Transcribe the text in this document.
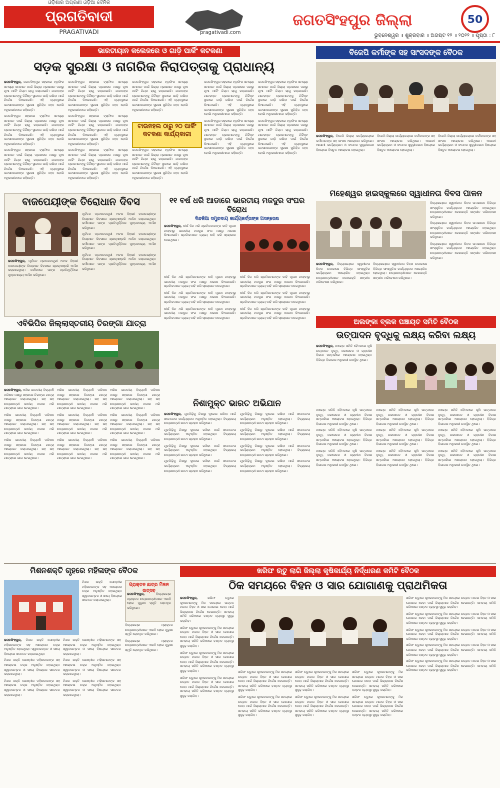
ଓଡ଼ିଶାର ଅଗ୍ରଣୀ ଓଡ଼ିଆ ଦୈନିକ
ପ୍ରଗତିବାଦୀ
PRAGATIVADI	pragativadi.com
ଜଗତସିଂହପୁର ଜିଲ୍ଲା	50
ଭୁବନେଶ୍ୱର ॥ ଶୁକ୍ରବାର ॥ ଅଗଷ୍ଟ ୧୨ ॥ ୨୦୨୨ ॥ ପୃଷ୍ଠା : ୮
ଭାରତୀୟାନ କଲେଜରେ ଓ ଗାଡ଼ି ପାର୍କିଂ କଟକଣା
ସଡ଼କ ସୁରକ୍ଷା ଓ ନାଗରିକ ନିରାପତ୍ତାକୁ ପ୍ରାଧାନ୍ୟ

ଜଗତସିଂହପୁର, ଜଗତସିଂହପୁର ସହରରେ ଟ୍ରାଫିକ ସମସ୍ୟା ସମାଧାନ ପାଇଁ ଜିଲ୍ଲା ପ୍ରଶାସନ ପକ୍ଷରୁ ନୂଆ ପାର୍କିଂ ନିୟମ ଲାଗୁ କରାଯାଇଛି। ଯାନବାହନ ଚାଳକମାନଙ୍କୁ ନିର୍ଦ୍ଦିଷ୍ଟ ସ୍ଥାନରେ ଗାଡ଼ି ରଖିବା ପାଇଁ ନିର୍ଦ୍ଦେଶ ଦିଆଯାଇଛି। ଏହି ବ୍ୟବସ୍ଥାରେ ଜନସାଧାରଣଙ୍କ ସୁରକ୍ଷା ସୁନିଶ୍ଚିତ ହେବ ବୋଲି ଅଧିକାରୀମାନେ କହିଛନ୍ତି।

ଜଗତସିଂହପୁର ସହରରେ ଟ୍ରାଫିକ ସମସ୍ୟା ସମାଧାନ ପାଇଁ ଜିଲ୍ଲା ପ୍ରଶାସନ ପକ୍ଷରୁ ନୂଆ ପାର୍କିଂ ନିୟମ ଲାଗୁ କରାଯାଇଛି। ଯାନବାହନ ଚାଳକମାନଙ୍କୁ ନିର୍ଦ୍ଦିଷ୍ଟ ସ୍ଥାନରେ ଗାଡ଼ି ରଖିବା ପାଇଁ ନିର୍ଦ୍ଦେଶ ଦିଆଯାଇଛି। ଏହି ବ୍ୟବସ୍ଥାରେ ଜନସାଧାରଣଙ୍କ ସୁରକ୍ଷା ସୁନିଶ୍ଚିତ ହେବ ବୋଲି ଅଧିକାରୀମାନେ କହିଛନ୍ତି।

ଜଗତସିଂହପୁର ସହରରେ ଟ୍ରାଫିକ ସମସ୍ୟା ସମାଧାନ ପାଇଁ ଜିଲ୍ଲା ପ୍ରଶାସନ ପକ୍ଷରୁ ନୂଆ ପାର୍କିଂ ନିୟମ ଲାଗୁ କରାଯାଇଛି। ଯାନବାହନ ଚାଳକମାନଙ୍କୁ ନିର୍ଦ୍ଦିଷ୍ଟ ସ୍ଥାନରେ ଗାଡ଼ି ରଖିବା ପାଇଁ ନିର୍ଦ୍ଦେଶ ଦିଆଯାଇଛି। ଏହି ବ୍ୟବସ୍ଥାରେ ଜନସାଧାରଣଙ୍କ ସୁରକ୍ଷା ସୁନିଶ୍ଚିତ ହେବ ବୋଲି ଅଧିକାରୀମାନେ କହିଛନ୍ତି।

ଜଗତସିଂହପୁର ସହରରେ ଟ୍ରାଫିକ ସମସ୍ୟା ସମାଧାନ ପାଇଁ ଜିଲ୍ଲା ପ୍ରଶାସନ ପକ୍ଷରୁ ନୂଆ ପାର୍କିଂ ନିୟମ ଲାଗୁ କରାଯାଇଛି। ଯାନବାହନ ଚାଳକମାନଙ୍କୁ ନିର୍ଦ୍ଦିଷ୍ଟ ସ୍ଥାନରେ ଗାଡ଼ି ରଖିବା ପାଇଁ ନିର୍ଦ୍ଦେଶ ଦିଆଯାଇଛି। ଏହି ବ୍ୟବସ୍ଥାରେ ଜନସାଧାରଣଙ୍କ ସୁରକ୍ଷା ସୁନିଶ୍ଚିତ ହେବ ବୋଲି ଅଧିକାରୀମାନେ କହିଛନ୍ତି।

ଜଗତସିଂହପୁର ସହରରେ ଟ୍ରାଫିକ ସମସ୍ୟା ସମାଧାନ ପାଇଁ ଜିଲ୍ଲା ପ୍ରଶାସନ ପକ୍ଷରୁ ନୂଆ ପାର୍କିଂ ନିୟମ ଲାଗୁ କରାଯାଇଛି। ଯାନବାହନ ଚାଳକମାନଙ୍କୁ ନିର୍ଦ୍ଦିଷ୍ଟ ସ୍ଥାନରେ ଗାଡ଼ି ରଖିବା ପାଇଁ ନିର୍ଦ୍ଦେଶ ଦିଆଯାଇଛି। ଏହି ବ୍ୟବସ୍ଥାରେ ଜନସାଧାରଣଙ୍କ ସୁରକ୍ଷା ସୁନିଶ୍ଚିତ ହେବ ବୋଲି ଅଧିକାରୀମାନେ କହିଛନ୍ତି।

ଜଗତସିଂହପୁର ସହରରେ ଟ୍ରାଫିକ ସମସ୍ୟା ସମାଧାନ ପାଇଁ ଜିଲ୍ଲା ପ୍ରଶାସନ ପକ୍ଷରୁ ନୂଆ ପାର୍କିଂ ନିୟମ ଲାଗୁ କରାଯାଇଛି। ଯାନବାହନ ଚାଳକମାନଙ୍କୁ ନିର୍ଦ୍ଦିଷ୍ଟ ସ୍ଥାନରେ ଗାଡ଼ି ରଖିବା ପାଇଁ ନିର୍ଦ୍ଦେଶ ଦିଆଯାଇଛି। ଏହି ବ୍ୟବସ୍ଥାରେ ଜନସାଧାରଣଙ୍କ ସୁରକ୍ଷା ସୁନିଶ୍ଚିତ ହେବ ବୋଲି ଅଧିକାରୀମାନେ କହିଛନ୍ତି।

ଜଗତସିଂହପୁର ସହରରେ ଟ୍ରାଫିକ ସମସ୍ୟା ସମାଧାନ ପାଇଁ ଜିଲ୍ଲା ପ୍ରଶାସନ ପକ୍ଷରୁ ନୂଆ ପାର୍କିଂ ନିୟମ ଲାଗୁ କରାଯାଇଛି। ଯାନବାହନ ଚାଳକମାନଙ୍କୁ ନିର୍ଦ୍ଦିଷ୍ଟ ସ୍ଥାନରେ ଗାଡ଼ି ରଖିବା ପାଇଁ ନିର୍ଦ୍ଦେଶ ଦିଆଯାଇଛି। ଏହି ବ୍ୟବସ୍ଥାରେ ଜନସାଧାରଣଙ୍କ ସୁରକ୍ଷା ସୁନିଶ୍ଚିତ ହେବ ବୋଲି ଅଧିକାରୀମାନେ କହିଛନ୍ତି।

ଟାଉନହଲ ଠାରୁ ୨୦ ପାର୍କିଂ କଟକଣା କାର୍ଯ୍ୟକାରୀ

ଜଗତସିଂହପୁର ସହରରେ ଟ୍ରାଫିକ ସମସ୍ୟା ସମାଧାନ ପାଇଁ ଜିଲ୍ଲା ପ୍ରଶାସନ ପକ୍ଷରୁ ନୂଆ ପାର୍କିଂ ନିୟମ ଲାଗୁ କରାଯାଇଛି। ଯାନବାହନ ଚାଳକମାନଙ୍କୁ ନିର୍ଦ୍ଦିଷ୍ଟ ସ୍ଥାନରେ ଗାଡ଼ି ରଖିବା ପାଇଁ ନିର୍ଦ୍ଦେଶ ଦିଆଯାଇଛି। ଏହି ବ୍ୟବସ୍ଥାରେ ଜନସାଧାରଣଙ୍କ ସୁରକ୍ଷା ସୁନିଶ୍ଚିତ ହେବ ବୋଲି ଅଧିକାରୀମାନେ କହିଛନ୍ତି।

ଜଗତସିଂହପୁର ସହରରେ ଟ୍ରାଫିକ ସମସ୍ୟା ସମାଧାନ ପାଇଁ ଜିଲ୍ଲା ପ୍ରଶାସନ ପକ୍ଷରୁ ନୂଆ ପାର୍କିଂ ନିୟମ ଲାଗୁ କରାଯାଇଛି। ଯାନବାହନ ଚାଳକମାନଙ୍କୁ ନିର୍ଦ୍ଦିଷ୍ଟ ସ୍ଥାନରେ ଗାଡ଼ି ରଖିବା ପାଇଁ ନିର୍ଦ୍ଦେଶ ଦିଆଯାଇଛି। ଏହି ବ୍ୟବସ୍ଥାରେ ଜନସାଧାରଣଙ୍କ ସୁରକ୍ଷା ସୁନିଶ୍ଚିତ ହେବ ବୋଲି ଅଧିକାରୀମାନେ କହିଛନ୍ତି।

ଜଗତସିଂହପୁର ସହରରେ ଟ୍ରାଫିକ ସମସ୍ୟା ସମାଧାନ ପାଇଁ ଜିଲ୍ଲା ପ୍ରଶାସନ ପକ୍ଷରୁ ନୂଆ ପାର୍କିଂ ନିୟମ ଲାଗୁ କରାଯାଇଛି। ଯାନବାହନ ଚାଳକମାନଙ୍କୁ ନିର୍ଦ୍ଦିଷ୍ଟ ସ୍ଥାନରେ ଗାଡ଼ି ରଖିବା ପାଇଁ ନିର୍ଦ୍ଦେଶ ଦିଆଯାଇଛି। ଏହି ବ୍ୟବସ୍ଥାରେ ଜନସାଧାରଣଙ୍କ ସୁରକ୍ଷା ସୁନିଶ୍ଚିତ ହେବ ବୋଲି ଅଧିକାରୀମାନେ କହିଛନ୍ତି।

ଜଗତସିଂହପୁର ସହରରେ ଟ୍ରାଫିକ ସମସ୍ୟା ସମାଧାନ ପାଇଁ ଜିଲ୍ଲା ପ୍ରଶାସନ ପକ୍ଷରୁ ନୂଆ ପାର୍କିଂ ନିୟମ ଲାଗୁ କରାଯାଇଛି। ଯାନବାହନ ଚାଳକମାନଙ୍କୁ ନିର୍ଦ୍ଦିଷ୍ଟ ସ୍ଥାନରେ ଗାଡ଼ି ରଖିବା ପାଇଁ ନିର୍ଦ୍ଦେଶ ଦିଆଯାଇଛି। ଏହି ବ୍ୟବସ୍ଥାରେ ଜନସାଧାରଣଙ୍କ ସୁରକ୍ଷା ସୁନିଶ୍ଚିତ ହେବ ବୋଲି ଅଧିକାରୀମାନେ କହିଛନ୍ତି।

ଜଗତସିଂହପୁର ସହରରେ ଟ୍ରାଫିକ ସମସ୍ୟା ସମାଧାନ ପାଇଁ ଜିଲ୍ଲା ପ୍ରଶାସନ ପକ୍ଷରୁ ନୂଆ ପାର୍କିଂ ନିୟମ ଲାଗୁ କରାଯାଇଛି। ଯାନବାହନ ଚାଳକମାନଙ୍କୁ ନିର୍ଦ୍ଦିଷ୍ଟ ସ୍ଥାନରେ ଗାଡ଼ି ରଖିବା ପାଇଁ ନିର୍ଦ୍ଦେଶ ଦିଆଯାଇଛି। ଏହି ବ୍ୟବସ୍ଥାରେ ଜନସାଧାରଣଙ୍କ ସୁରକ୍ଷା ସୁନିଶ୍ଚିତ ହେବ ବୋଲି ଅଧିକାରୀମାନେ କହିଛନ୍ତି।

ବିଜେପି କର୍ମୀଙ୍କ ସହ ସାଂସଦଙ୍କ ବୈଠକ

ଜଗତସିଂହପୁର, ବିଜେପି ଜିଲ୍ଲା କାର୍ଯ୍ୟାଳୟରେ କର୍ମୀମାନଙ୍କ ସହ ସାଂସଦ ଆଲୋଚନା କରିଥିଲେ। ଆଗାମୀ କାର୍ଯ୍ୟକ୍ରମ ଓ ସଂଗଠନ ସୁଦୃଢ଼ୀକରଣ ବିଷୟରେ ବିସ୍ତୃତ ଆଲୋଚନା ହୋଇଥିଲା।

ବିଜେପି ଜିଲ୍ଲା କାର୍ଯ୍ୟାଳୟରେ କର୍ମୀମାନଙ୍କ ସହ ସାଂସଦ ଆଲୋଚନା କରିଥିଲେ। ଆଗାମୀ କାର୍ଯ୍ୟକ୍ରମ ଓ ସଂଗଠନ ସୁଦୃଢ଼ୀକରଣ ବିଷୟରେ ବିସ୍ତୃତ ଆଲୋଚନା ହୋଇଥିଲା।

ବିଜେପି ଜିଲ୍ଲା କାର୍ଯ୍ୟାଳୟରେ କର୍ମୀମାନଙ୍କ ସହ ସାଂସଦ ଆଲୋଚନା କରିଥିଲେ। ଆଗାମୀ କାର୍ଯ୍ୟକ୍ରମ ଓ ସଂଗଠନ ସୁଦୃଢ଼ୀକରଣ ବିଷୟରେ ବିସ୍ତୃତ ଆଲୋଚନା ହୋଇଥିଲା।

ମହେଶ୍ୱର ହାଇସ୍କୁଲରେ ସ୍ୱାଧୀନତା ଦିବସ ପାଳନ

ବିଦ୍ୟାଳୟରେ ସ୍ୱାଧୀନତା ଦିବସ ଉପଲକ୍ଷେ ବିଭିନ୍ନ ସାଂସ୍କୃତିକ କାର୍ଯ୍ୟକ୍ରମ ଆୟୋଜିତ ହୋଇଥିଲା। ଛାତ୍ରଛାତ୍ରୀମାନେ ଦେଶଭକ୍ତି ସଙ୍ଗୀତ ପରିବେଷଣ କରିଥିଲେ।

ବିଦ୍ୟାଳୟରେ ସ୍ୱାଧୀନତା ଦିବସ ଉପଲକ୍ଷେ ବିଭିନ୍ନ ସାଂସ୍କୃତିକ କାର୍ଯ୍ୟକ୍ରମ ଆୟୋଜିତ ହୋଇଥିଲା। ଛାତ୍ରଛାତ୍ରୀମାନେ ଦେଶଭକ୍ତି ସଙ୍ଗୀତ ପରିବେଷଣ କରିଥିଲେ।

ବିଦ୍ୟାଳୟରେ ସ୍ୱାଧୀନତା ଦିବସ ଉପଲକ୍ଷେ ବିଭିନ୍ନ ସାଂସ୍କୃତିକ କାର୍ଯ୍ୟକ୍ରମ ଆୟୋଜିତ ହୋଇଥିଲା। ଛାତ୍ରଛାତ୍ରୀମାନେ ଦେଶଭକ୍ତି ସଙ୍ଗୀତ ପରିବେଷଣ କରିଥିଲେ।

ଜଗତସିଂହପୁର, ବିଦ୍ୟାଳୟରେ ସ୍ୱାଧୀନତା ଦିବସ ଉପଲକ୍ଷେ ବିଭିନ୍ନ ସାଂସ୍କୃତିକ କାର୍ଯ୍ୟକ୍ରମ ଆୟୋଜିତ ହୋଇଥିଲା। ଛାତ୍ରଛାତ୍ରୀମାନେ ଦେଶଭକ୍ତି ସଙ୍ଗୀତ ପରିବେଷଣ କରିଥିଲେ।

ବିଦ୍ୟାଳୟରେ ସ୍ୱାଧୀନତା ଦିବସ ଉପଲକ୍ଷେ ବିଭିନ୍ନ ସାଂସ୍କୃତିକ କାର୍ଯ୍ୟକ୍ରମ ଆୟୋଜିତ ହୋଇଥିଲା। ଛାତ୍ରଛାତ୍ରୀମାନେ ଦେଶଭକ୍ତି ସଙ୍ଗୀତ ପରିବେଷଣ କରିଥିଲେ।

ବାଜପେୟୀଙ୍କ ତିରୋଧାନ ଦିବସ

ପୂର୍ବତନ ପ୍ରଧାନମନ୍ତ୍ରୀ ଅଟଳ ବିହାରୀ ବାଜପେୟୀଙ୍କ ତିରୋଧାନ ଦିବସରେ ଶ୍ରଦ୍ଧାଞ୍ଜଳି ଅର୍ପଣ କରାଯାଇଥିଲା। କର୍ମୀମାନେ ତାଙ୍କ ପ୍ରତିମୂର୍ତ୍ତିରେ ପୁଷ୍ପମାଲ୍ୟ ଅର୍ପଣ କରିଥିଲେ।

ପୂର୍ବତନ ପ୍ରଧାନମନ୍ତ୍ରୀ ଅଟଳ ବିହାରୀ ବାଜପେୟୀଙ୍କ ତିରୋଧାନ ଦିବସରେ ଶ୍ରଦ୍ଧାଞ୍ଜଳି ଅର୍ପଣ କରାଯାଇଥିଲା। କର୍ମୀମାନେ ତାଙ୍କ ପ୍ରତିମୂର୍ତ୍ତିରେ ପୁଷ୍ପମାଲ୍ୟ ଅର୍ପଣ କରିଥିଲେ।

ପୂର୍ବତନ ପ୍ରଧାନମନ୍ତ୍ରୀ ଅଟଳ ବିହାରୀ ବାଜପେୟୀଙ୍କ ତିରୋଧାନ ଦିବସରେ ଶ୍ରଦ୍ଧାଞ୍ଜଳି ଅର୍ପଣ କରାଯାଇଥିଲା। କର୍ମୀମାନେ ତାଙ୍କ ପ୍ରତିମୂର୍ତ୍ତିରେ ପୁଷ୍ପମାଲ୍ୟ ଅର୍ପଣ କରିଥିଲେ।

ଜଗତସିଂହପୁର, ପୂର୍ବତନ ପ୍ରଧାନମନ୍ତ୍ରୀ ଅଟଳ ବିହାରୀ ବାଜପେୟୀଙ୍କ ତିରୋଧାନ ଦିବସରେ ଶ୍ରଦ୍ଧାଞ୍ଜଳି ଅର୍ପଣ କରାଯାଇଥିଲା। କର୍ମୀମାନେ ତାଙ୍କ ପ୍ରତିମୂର୍ତ୍ତିରେ ପୁଷ୍ପମାଲ୍ୟ ଅର୍ପଣ କରିଥିଲେ।

୧୧ ବର୍ଷ ଧରି ଆଡାରେ ଭାରତୀୟ ମଜଦୁର ସଂଘର ବିରୋଧ
ଦିନ୍ଦକିଆ ସମ୍ପ୍ରଦାୟ କାର୍ଯ୍ୟକର୍ତ୍ତାଙ୍କ ଅସନ୍ତୋଷ

ଜଗତସିଂହପୁର, ଦୀର୍ଘ ଦିନ ଧରି ଶ୍ରମିକମାନଙ୍କ ଦାବି ପୂରଣ ନହେବାରୁ ଭାରତୀୟ ମଜଦୁର ସଂଘ ପକ୍ଷରୁ ଧାରଣା ଦିଆଯାଇଛି। ଶ୍ରମିକମାନେ ନ୍ୟାୟ ଦାବି କରି ସ୍ଲୋଗାନ ଦେଇଥିଲେ।

ଦୀର୍ଘ ଦିନ ଧରି ଶ୍ରମିକମାନଙ୍କ ଦାବି ପୂରଣ ନହେବାରୁ ଭାରତୀୟ ମଜଦୁର ସଂଘ ପକ୍ଷରୁ ଧାରଣା ଦିଆଯାଇଛି। ଶ୍ରମିକମାନେ ନ୍ୟାୟ ଦାବି କରି ସ୍ଲୋଗାନ ଦେଇଥିଲେ।

ଦୀର୍ଘ ଦିନ ଧରି ଶ୍ରମିକମାନଙ୍କ ଦାବି ପୂରଣ ନହେବାରୁ ଭାରତୀୟ ମଜଦୁର ସଂଘ ପକ୍ଷରୁ ଧାରଣା ଦିଆଯାଇଛି। ଶ୍ରମିକମାନେ ନ୍ୟାୟ ଦାବି କରି ସ୍ଲୋଗାନ ଦେଇଥିଲେ।

ଦୀର୍ଘ ଦିନ ଧରି ଶ୍ରମିକମାନଙ୍କ ଦାବି ପୂରଣ ନହେବାରୁ ଭାରତୀୟ ମଜଦୁର ସଂଘ ପକ୍ଷରୁ ଧାରଣା ଦିଆଯାଇଛି। ଶ୍ରମିକମାନେ ନ୍ୟାୟ ଦାବି କରି ସ୍ଲୋଗାନ ଦେଇଥିଲେ।

ଦୀର୍ଘ ଦିନ ଧରି ଶ୍ରମିକମାନଙ୍କ ଦାବି ପୂରଣ ନହେବାରୁ ଭାରତୀୟ ମଜଦୁର ସଂଘ ପକ୍ଷରୁ ଧାରଣା ଦିଆଯାଇଛି। ଶ୍ରମିକମାନେ ନ୍ୟାୟ ଦାବି କରି ସ୍ଲୋଗାନ ଦେଇଥିଲେ।

ଦୀର୍ଘ ଦିନ ଧରି ଶ୍ରମିକମାନଙ୍କ ଦାବି ପୂରଣ ନହେବାରୁ ଭାରତୀୟ ମଜଦୁର ସଂଘ ପକ୍ଷରୁ ଧାରଣା ଦିଆଯାଇଛି। ଶ୍ରମିକମାନେ ନ୍ୟାୟ ଦାବି କରି ସ୍ଲୋଗାନ ଦେଇଥିଲେ।

ଦୀର୍ଘ ଦିନ ଧରି ଶ୍ରମିକମାନଙ୍କ ଦାବି ପୂରଣ ନହେବାରୁ ଭାରତୀୟ ମଜଦୁର ସଂଘ ପକ୍ଷରୁ ଧାରଣା ଦିଆଯାଇଛି। ଶ୍ରମିକମାନେ ନ୍ୟାୟ ଦାବି କରି ସ୍ଲୋଗାନ ଦେଇଥିଲେ।

ଅଲଙ୍କା ବ୍ଲକ ପଞ୍ଚାୟତ ସମିତି ବୈଠକ
ଉତ୍ପାଦନ ବୃଦ୍ଧିକୁ ଲକ୍ଷ୍ୟ କରିବା ଲକ୍ଷ୍ୟ

ଜଗତସିଂହପୁର, ପଞ୍ଚାୟତ ସମିତି ବୈଠକରେ କୃଷି ଉତ୍ପାଦନ ବୃଦ୍ଧି, ଜଳସେଚନ ଓ ଗ୍ରାମୀଣ ବିକାଶ ସମ୍ପର୍କରେ ଆଲୋଚନା ହୋଇଥିଲା। ବିଭିନ୍ନ ବିଭାଗର ଅଧିକାରୀ ଉପସ୍ଥିତ ଥିଲେ।

ପଞ୍ଚାୟତ ସମିତି ବୈଠକରେ କୃଷି ଉତ୍ପାଦନ ବୃଦ୍ଧି, ଜଳସେଚନ ଓ ଗ୍ରାମୀଣ ବିକାଶ ସମ୍ପର୍କରେ ଆଲୋଚନା ହୋଇଥିଲା। ବିଭିନ୍ନ ବିଭାଗର ଅଧିକାରୀ ଉପସ୍ଥିତ ଥିଲେ।

ପଞ୍ଚାୟତ ସମିତି ବୈଠକରେ କୃଷି ଉତ୍ପାଦନ ବୃଦ୍ଧି, ଜଳସେଚନ ଓ ଗ୍ରାମୀଣ ବିକାଶ ସମ୍ପର୍କରେ ଆଲୋଚନା ହୋଇଥିଲା। ବିଭିନ୍ନ ବିଭାଗର ଅଧିକାରୀ ଉପସ୍ଥିତ ଥିଲେ।

ପଞ୍ଚାୟତ ସମିତି ବୈଠକରେ କୃଷି ଉତ୍ପାଦନ ବୃଦ୍ଧି, ଜଳସେଚନ ଓ ଗ୍ରାମୀଣ ବିକାଶ ସମ୍ପର୍କରେ ଆଲୋଚନା ହୋଇଥିଲା। ବିଭିନ୍ନ ବିଭାଗର ଅଧିକାରୀ ଉପସ୍ଥିତ ଥିଲେ।

ପଞ୍ଚାୟତ ସମିତି ବୈଠକରେ କୃଷି ଉତ୍ପାଦନ ବୃଦ୍ଧି, ଜଳସେଚନ ଓ ଗ୍ରାମୀଣ ବିକାଶ ସମ୍ପର୍କରେ ଆଲୋଚନା ହୋଇଥିଲା। ବିଭିନ୍ନ ବିଭାଗର ଅଧିକାରୀ ଉପସ୍ଥିତ ଥିଲେ।

ପଞ୍ଚାୟତ ସମିତି ବୈଠକରେ କୃଷି ଉତ୍ପାଦନ ବୃଦ୍ଧି, ଜଳସେଚନ ଓ ଗ୍ରାମୀଣ ବିକାଶ ସମ୍ପର୍କରେ ଆଲୋଚନା ହୋଇଥିଲା। ବିଭିନ୍ନ ବିଭାଗର ଅଧିକାରୀ ଉପସ୍ଥିତ ଥିଲେ।

ପଞ୍ଚାୟତ ସମିତି ବୈଠକରେ କୃଷି ଉତ୍ପାଦନ ବୃଦ୍ଧି, ଜଳସେଚନ ଓ ଗ୍ରାମୀଣ ବିକାଶ ସମ୍ପର୍କରେ ଆଲୋଚନା ହୋଇଥିଲା। ବିଭିନ୍ନ ବିଭାଗର ଅଧିକାରୀ ଉପସ୍ଥିତ ଥିଲେ।

ପଞ୍ଚାୟତ ସମିତି ବୈଠକରେ କୃଷି ଉତ୍ପାଦନ ବୃଦ୍ଧି, ଜଳସେଚନ ଓ ଗ୍ରାମୀଣ ବିକାଶ ସମ୍ପର୍କରେ ଆଲୋଚନା ହୋଇଥିଲା। ବିଭିନ୍ନ ବିଭାଗର ଅଧିକାରୀ ଉପସ୍ଥିତ ଥିଲେ।

ପଞ୍ଚାୟତ ସମିତି ବୈଠକରେ କୃଷି ଉତ୍ପାଦନ ବୃଦ୍ଧି, ଜଳସେଚନ ଓ ଗ୍ରାମୀଣ ବିକାଶ ସମ୍ପର୍କରେ ଆଲୋଚନା ହୋଇଥିଲା। ବିଭିନ୍ନ ବିଭାଗର ଅଧିକାରୀ ଉପସ୍ଥିତ ଥିଲେ।

ପଞ୍ଚାୟତ ସମିତି ବୈଠକରେ କୃଷି ଉତ୍ପାଦନ ବୃଦ୍ଧି, ଜଳସେଚନ ଓ ଗ୍ରାମୀଣ ବିକାଶ ସମ୍ପର୍କରେ ଆଲୋଚନା ହୋଇଥିଲା। ବିଭିନ୍ନ ବିଭାଗର ଅଧିକାରୀ ଉପସ୍ଥିତ ଥିଲେ।

ଏବିଭିପିର ଜିଲ୍ଲାସ୍ତରୀୟ ତିରଙ୍ଗା ଯାତ୍ରା

ଜଗତସିଂହପୁର, ଅଖିଳ ଭାରତୀୟ ବିଦ୍ୟାର୍ଥୀ ପରିଷଦ ପକ୍ଷରୁ ସହରରେ ତିରଙ୍ଗା ଯାତ୍ରା ଆୟୋଜନ କରାଯାଇଥିଲା। ଶହ ଶହ ଛାତ୍ରଛାତ୍ରୀ ଜାତୀୟ ପତାକା ଧରି ଯାତ୍ରାରେ ଭାଗ ନେଇଥିଲେ।

ଅଖିଳ ଭାରତୀୟ ବିଦ୍ୟାର୍ଥୀ ପରିଷଦ ପକ୍ଷରୁ ସହରରେ ତିରଙ୍ଗା ଯାତ୍ରା ଆୟୋଜନ କରାଯାଇଥିଲା। ଶହ ଶହ ଛାତ୍ରଛାତ୍ରୀ ଜାତୀୟ ପତାକା ଧରି ଯାତ୍ରାରେ ଭାଗ ନେଇଥିଲେ।

ଅଖିଳ ଭାରତୀୟ ବିଦ୍ୟାର୍ଥୀ ପରିଷଦ ପକ୍ଷରୁ ସହରରେ ତିରଙ୍ଗା ଯାତ୍ରା ଆୟୋଜନ କରାଯାଇଥିଲା। ଶହ ଶହ ଛାତ୍ରଛାତ୍ରୀ ଜାତୀୟ ପତାକା ଧରି ଯାତ୍ରାରେ ଭାଗ ନେଇଥିଲେ।

ଅଖିଳ ଭାରତୀୟ ବିଦ୍ୟାର୍ଥୀ ପରିଷଦ ପକ୍ଷରୁ ସହରରେ ତିରଙ୍ଗା ଯାତ୍ରା ଆୟୋଜନ କରାଯାଇଥିଲା। ଶହ ଶହ ଛାତ୍ରଛାତ୍ରୀ ଜାତୀୟ ପତାକା ଧରି ଯାତ୍ରାରେ ଭାଗ ନେଇଥିଲେ।

ଅଖିଳ ଭାରତୀୟ ବିଦ୍ୟାର୍ଥୀ ପରିଷଦ ପକ୍ଷରୁ ସହରରେ ତିରଙ୍ଗା ଯାତ୍ରା ଆୟୋଜନ କରାଯାଇଥିଲା। ଶହ ଶହ ଛାତ୍ରଛାତ୍ରୀ ଜାତୀୟ ପତାକା ଧରି ଯାତ୍ରାରେ ଭାଗ ନେଇଥିଲେ।

ଅଖିଳ ଭାରତୀୟ ବିଦ୍ୟାର୍ଥୀ ପରିଷଦ ପକ୍ଷରୁ ସହରରେ ତିରଙ୍ଗା ଯାତ୍ରା ଆୟୋଜନ କରାଯାଇଥିଲା। ଶହ ଶହ ଛାତ୍ରଛାତ୍ରୀ ଜାତୀୟ ପତାକା ଧରି ଯାତ୍ରାରେ ଭାଗ ନେଇଥିଲେ।

ଅଖିଳ ଭାରତୀୟ ବିଦ୍ୟାର୍ଥୀ ପରିଷଦ ପକ୍ଷରୁ ସହରରେ ତିରଙ୍ଗା ଯାତ୍ରା ଆୟୋଜନ କରାଯାଇଥିଲା। ଶହ ଶହ ଛାତ୍ରଛାତ୍ରୀ ଜାତୀୟ ପତାକା ଧରି ଯାତ୍ରାରେ ଭାଗ ନେଇଥିଲେ।

ଅଖିଳ ଭାରତୀୟ ବିଦ୍ୟାର୍ଥୀ ପରିଷଦ ପକ୍ଷରୁ ସହରରେ ତିରଙ୍ଗା ଯାତ୍ରା ଆୟୋଜନ କରାଯାଇଥିଲା। ଶହ ଶହ ଛାତ୍ରଛାତ୍ରୀ ଜାତୀୟ ପତାକା ଧରି ଯାତ୍ରାରେ ଭାଗ ନେଇଥିଲେ।

ଅଖିଳ ଭାରତୀୟ ବିଦ୍ୟାର୍ଥୀ ପରିଷଦ ପକ୍ଷରୁ ସହରରେ ତିରଙ୍ଗା ଯାତ୍ରା ଆୟୋଜନ କରାଯାଇଥିଲା। ଶହ ଶହ ଛାତ୍ରଛାତ୍ରୀ ଜାତୀୟ ପତାକା ଧରି ଯାତ୍ରାରେ ଭାଗ ନେଇଥିଲେ।

ନିଶାମୁକ୍ତ ଭାରତ ଅଭିଯାନ

ଜଗତସିଂହପୁର, ଯୁବପିଢ଼ିକୁ ନିଶାରୁ ଦୂରେଇ ରଖିବା ପାଇଁ ସଚେତନତା କାର୍ଯ୍ୟକ୍ରମ ଅନୁଷ୍ଠିତ ହୋଇଥିଲା। ବିଦ୍ୟାଳୟ ଛାତ୍ରଛାତ୍ରୀ ଶପଥ ଗ୍ରହଣ କରିଥିଲେ।

ଯୁବପିଢ଼ିକୁ ନିଶାରୁ ଦୂରେଇ ରଖିବା ପାଇଁ ସଚେତନତା କାର୍ଯ୍ୟକ୍ରମ ଅନୁଷ୍ଠିତ ହୋଇଥିଲା। ବିଦ୍ୟାଳୟ ଛାତ୍ରଛାତ୍ରୀ ଶପଥ ଗ୍ରହଣ କରିଥିଲେ।

ଯୁବପିଢ଼ିକୁ ନିଶାରୁ ଦୂରେଇ ରଖିବା ପାଇଁ ସଚେତନତା କାର୍ଯ୍ୟକ୍ରମ ଅନୁଷ୍ଠିତ ହୋଇଥିଲା। ବିଦ୍ୟାଳୟ ଛାତ୍ରଛାତ୍ରୀ ଶପଥ ଗ୍ରହଣ କରିଥିଲେ।

ଯୁବପିଢ଼ିକୁ ନିଶାରୁ ଦୂରେଇ ରଖିବା ପାଇଁ ସଚେତନତା କାର୍ଯ୍ୟକ୍ରମ ଅନୁଷ୍ଠିତ ହୋଇଥିଲା। ବିଦ୍ୟାଳୟ ଛାତ୍ରଛାତ୍ରୀ ଶପଥ ଗ୍ରହଣ କରିଥିଲେ।

ଯୁବପିଢ଼ିକୁ ନିଶାରୁ ଦୂରେଇ ରଖିବା ପାଇଁ ସଚେତନତା କାର୍ଯ୍ୟକ୍ରମ ଅନୁଷ୍ଠିତ ହୋଇଥିଲା। ବିଦ୍ୟାଳୟ ଛାତ୍ରଛାତ୍ରୀ ଶପଥ ଗ୍ରହଣ କରିଥିଲେ।

ଯୁବପିଢ଼ିକୁ ନିଶାରୁ ଦୂରେଇ ରଖିବା ପାଇଁ ସଚେତନତା କାର୍ଯ୍ୟକ୍ରମ ଅନୁଷ୍ଠିତ ହୋଇଥିଲା। ବିଦ୍ୟାଳୟ ଛାତ୍ରଛାତ୍ରୀ ଶପଥ ଗ୍ରହଣ କରିଥିଲେ।

ଯୁବପିଢ଼ିକୁ ନିଶାରୁ ଦୂରେଇ ରଖିବା ପାଇଁ ସଚେତନତା କାର୍ଯ୍ୟକ୍ରମ ଅନୁଷ୍ଠିତ ହୋଇଥିଲା। ବିଦ୍ୟାଳୟ ଛାତ୍ରଛାତ୍ରୀ ଶପଥ ଗ୍ରହଣ କରିଥିଲେ।

ଯୁବପିଢ଼ିକୁ ନିଶାରୁ ଦୂରେଇ ରଖିବା ପାଇଁ ସଚେତନତା କାର୍ଯ୍ୟକ୍ରମ ଅନୁଷ୍ଠିତ ହୋଇଥିଲା। ବିଦ୍ୟାଳୟ ଛାତ୍ରଛାତ୍ରୀ ଶପଥ ଗ୍ରହଣ କରିଥିଲେ।

ମିଶନଶକ୍ତି ଗୃହରେ ମହିଳାଙ୍କ ବୈଠକ

ମିଶନ ଶକ୍ତି ଗୋଷ୍ଠୀର ମହିଳାମାନଙ୍କ ସହ ଆଲୋଚନା ଚକ୍ର ଅନୁଷ୍ଠିତ ହୋଇଥିଲା। ସ୍ୱାବଲମ୍ବନ ଓ ସଞ୍ଚୟ ବିଷୟରେ ସଚେତନ କରାଯାଇଥିଲା।

ଜଗତସିଂହପୁର, ମିଶନ ଶକ୍ତି ଗୋଷ୍ଠୀର ମହିଳାମାନଙ୍କ ସହ ଆଲୋଚନା ଚକ୍ର ଅନୁଷ୍ଠିତ ହୋଇଥିଲା। ସ୍ୱାବଲମ୍ବନ ଓ ସଞ୍ଚୟ ବିଷୟରେ ସଚେତନ କରାଯାଇଥିଲା।

ମିଶନ ଶକ୍ତି ଗୋଷ୍ଠୀର ମହିଳାମାନଙ୍କ ସହ ଆଲୋଚନା ଚକ୍ର ଅନୁଷ୍ଠିତ ହୋଇଥିଲା। ସ୍ୱାବଲମ୍ବନ ଓ ସଞ୍ଚୟ ବିଷୟରେ ସଚେତନ କରାଯାଇଥିଲା।

ମିଶନ ଶକ୍ତି ଗୋଷ୍ଠୀର ମହିଳାମାନଙ୍କ ସହ ଆଲୋଚନା ଚକ୍ର ଅନୁଷ୍ଠିତ ହୋଇଥିଲା। ସ୍ୱାବଲମ୍ବନ ଓ ସଞ୍ଚୟ ବିଷୟରେ ସଚେତନ କରାଯାଇଥିଲା।

ମିଶନ ଶକ୍ତି ଗୋଷ୍ଠୀର ମହିଳାମାନଙ୍କ ସହ ଆଲୋଚନା ଚକ୍ର ଅନୁଷ୍ଠିତ ହୋଇଥିଲା। ସ୍ୱାବଲମ୍ବନ ଓ ସଞ୍ଚୟ ବିଷୟରେ ସଚେତନ କରାଯାଇଥିଲା।

ମିଶନ ଶକ୍ତି ଗୋଷ୍ଠୀର ମହିଳାମାନଙ୍କ ସହ ଆଲୋଚନା ଚକ୍ର ଅନୁଷ୍ଠିତ ହୋଇଥିଲା। ସ୍ୱାବଲମ୍ବନ ଓ ସଞ୍ଚୟ ବିଷୟରେ ସଚେତନ କରାଯାଇଥିଲା।

ମିଶନ ଶକ୍ତି ଗୋଷ୍ଠୀର ମହିଳାମାନଙ୍କ ସହ ଆଲୋଚନା ଚକ୍ର ଅନୁଷ୍ଠିତ ହୋଇଥିଲା। ସ୍ୱାବଲମ୍ବନ ଓ ସଞ୍ଚୟ ବିଷୟରେ ସଚେତନ କରାଯାଇଥିଲା।

ପ୍ରାକ୍ତନ ଛାତ୍ର ମିଳନ ଉତ୍ସବ

ଜଗତସିଂହପୁର,	ବିଦ୍ୟାଳୟର ପ୍ରାକ୍ତନ ଛାତ୍ରଛାତ୍ରୀମାନେ ଏକାଠି ହୋଇ ପୁରୁଣା ସ୍ମୃତି ରୋମନ୍ଥନ କରିଥିଲେ।

ବିଦ୍ୟାଳୟର ପ୍ରାକ୍ତନ ଛାତ୍ରଛାତ୍ରୀମାନେ ଏକାଠି ହୋଇ ପୁରୁଣା ସ୍ମୃତି ରୋମନ୍ଥନ କରିଥିଲେ।

ବିଦ୍ୟାଳୟର ପ୍ରାକ୍ତନ ଛାତ୍ରଛାତ୍ରୀମାନେ ଏକାଠି ହୋଇ ପୁରୁଣା ସ୍ମୃତି ରୋମନ୍ଥନ କରିଥିଲେ।

ଖରିଫ ଋତୁ ଲାଗି ଜିଲ୍ଲା କୃଷିକାର୍ଯ୍ୟ ନିର୍ଦ୍ଧାରଣ କମିଟି ବୈଠକ
ଠିକ ସମୟରେ ବିହନ ଓ ସାର ଯୋଗାଣକୁ ପ୍ରାଥମିକତା

ଜଗତସିଂହପୁର,	ଖରିଫ ଋତୁରେ କୃଷକମାନଙ୍କୁ ଠିକ ସମୟରେ ଉନ୍ନତ ମାନର ବିହନ ଓ ସାର ଯୋଗାଇ ଦେବା ପାଇଁ ଜିଲ୍ଲାପାଳ ନିର୍ଦ୍ଦେଶ ଦେଇଛନ୍ତି। ସମବାୟ ସମିତି ଜରିଆରେ ବଣ୍ଟନ ବ୍ୟବସ୍ଥା ସୁଦୃଢ଼ କରାଯିବ।

ଖରିଫ ଋତୁରେ କୃଷକମାନଙ୍କୁ ଠିକ ସମୟରେ ଉନ୍ନତ ମାନର ବିହନ ଓ ସାର ଯୋଗାଇ ଦେବା ପାଇଁ ଜିଲ୍ଲାପାଳ ନିର୍ଦ୍ଦେଶ ଦେଇଛନ୍ତି। ସମବାୟ ସମିତି ଜରିଆରେ ବଣ୍ଟନ ବ୍ୟବସ୍ଥା ସୁଦୃଢ଼ କରାଯିବ।

ଖରିଫ ଋତୁରେ କୃଷକମାନଙ୍କୁ ଠିକ ସମୟରେ ଉନ୍ନତ ମାନର ବିହନ ଓ ସାର ଯୋଗାଇ ଦେବା ପାଇଁ ଜିଲ୍ଲାପାଳ ନିର୍ଦ୍ଦେଶ ଦେଇଛନ୍ତି। ସମବାୟ ସମିତି ଜରିଆରେ ବଣ୍ଟନ ବ୍ୟବସ୍ଥା ସୁଦୃଢ଼ କରାଯିବ।

ଖରିଫ ଋତୁରେ କୃଷକମାନଙ୍କୁ ଠିକ ସମୟରେ ଉନ୍ନତ ମାନର ବିହନ ଓ ସାର ଯୋଗାଇ ଦେବା ପାଇଁ ଜିଲ୍ଲାପାଳ ନିର୍ଦ୍ଦେଶ ଦେଇଛନ୍ତି। ସମବାୟ ସମିତି ଜରିଆରେ ବଣ୍ଟନ ବ୍ୟବସ୍ଥା ସୁଦୃଢ଼ କରାଯିବ।

ଖରିଫ ଋତୁରେ କୃଷକମାନଙ୍କୁ ଠିକ ସମୟରେ ଉନ୍ନତ ମାନର ବିହନ ଓ ସାର ଯୋଗାଇ ଦେବା ପାଇଁ ଜିଲ୍ଲାପାଳ ନିର୍ଦ୍ଦେଶ ଦେଇଛନ୍ତି। ସମବାୟ ସମିତି ଜରିଆରେ ବଣ୍ଟନ ବ୍ୟବସ୍ଥା ସୁଦୃଢ଼ କରାଯିବ।

ଖରିଫ ଋତୁରେ କୃଷକମାନଙ୍କୁ ଠିକ ସମୟରେ ଉନ୍ନତ ମାନର ବିହନ ଓ ସାର ଯୋଗାଇ ଦେବା ପାଇଁ ଜିଲ୍ଲାପାଳ ନିର୍ଦ୍ଦେଶ ଦେଇଛନ୍ତି। ସମବାୟ ସମିତି ଜରିଆରେ ବଣ୍ଟନ ବ୍ୟବସ୍ଥା ସୁଦୃଢ଼ କରାଯିବ।

ଖରିଫ ଋତୁରେ କୃଷକମାନଙ୍କୁ ଠିକ ସମୟରେ ଉନ୍ନତ ମାନର ବିହନ ଓ ସାର ଯୋଗାଇ ଦେବା ପାଇଁ ଜିଲ୍ଲାପାଳ ନିର୍ଦ୍ଦେଶ ଦେଇଛନ୍ତି। ସମବାୟ ସମିତି ଜରିଆରେ ବଣ୍ଟନ ବ୍ୟବସ୍ଥା ସୁଦୃଢ଼ କରାଯିବ।

ଖରିଫ ଋତୁରେ କୃଷକମାନଙ୍କୁ ଠିକ ସମୟରେ ଉନ୍ନତ ମାନର ବିହନ ଓ ସାର ଯୋଗାଇ ଦେବା ପାଇଁ ଜିଲ୍ଲାପାଳ ନିର୍ଦ୍ଦେଶ ଦେଇଛନ୍ତି। ସମବାୟ ସମିତି ଜରିଆରେ ବଣ୍ଟନ ବ୍ୟବସ୍ଥା ସୁଦୃଢ଼ କରାଯିବ।

ଖରିଫ ଋତୁରେ କୃଷକମାନଙ୍କୁ ଠିକ ସମୟରେ ଉନ୍ନତ ମାନର ବିହନ ଓ ସାର ଯୋଗାଇ ଦେବା ପାଇଁ ଜିଲ୍ଲାପାଳ ନିର୍ଦ୍ଦେଶ ଦେଇଛନ୍ତି। ସମବାୟ ସମିତି ଜରିଆରେ ବଣ୍ଟନ ବ୍ୟବସ୍ଥା ସୁଦୃଢ଼ କରାଯିବ।

ଖରିଫ ଋତୁରେ କୃଷକମାନଙ୍କୁ ଠିକ ସମୟରେ ଉନ୍ନତ ମାନର ବିହନ ଓ ସାର ଯୋଗାଇ ଦେବା ପାଇଁ ଜିଲ୍ଲାପାଳ ନିର୍ଦ୍ଦେଶ ଦେଇଛନ୍ତି। ସମବାୟ ସମିତି ଜରିଆରେ ବଣ୍ଟନ ବ୍ୟବସ୍ଥା ସୁଦୃଢ଼ କରାଯିବ।

ଖରିଫ ଋତୁରେ କୃଷକମାନଙ୍କୁ ଠିକ ସମୟରେ ଉନ୍ନତ ମାନର ବିହନ ଓ ସାର ଯୋଗାଇ ଦେବା ପାଇଁ ଜିଲ୍ଲାପାଳ ନିର୍ଦ୍ଦେଶ ଦେଇଛନ୍ତି। ସମବାୟ ସମିତି ଜରିଆରେ ବଣ୍ଟନ ବ୍ୟବସ୍ଥା ସୁଦୃଢ଼ କରାଯିବ।

ଖରିଫ ଋତୁରେ କୃଷକମାନଙ୍କୁ ଠିକ ସମୟରେ ଉନ୍ନତ ମାନର ବିହନ ଓ ସାର ଯୋଗାଇ ଦେବା ପାଇଁ ଜିଲ୍ଲାପାଳ ନିର୍ଦ୍ଦେଶ ଦେଇଛନ୍ତି। ସମବାୟ ସମିତି ଜରିଆରେ ବଣ୍ଟନ ବ୍ୟବସ୍ଥା ସୁଦୃଢ଼ କରାଯିବ।

ଖରିଫ ଋତୁରେ କୃଷକମାନଙ୍କୁ ଠିକ ସମୟରେ ଉନ୍ନତ ମାନର ବିହନ ଓ ସାର ଯୋଗାଇ ଦେବା ପାଇଁ ଜିଲ୍ଲାପାଳ ନିର୍ଦ୍ଦେଶ ଦେଇଛନ୍ତି। ସମବାୟ ସମିତି ଜରିଆରେ ବଣ୍ଟନ ବ୍ୟବସ୍ଥା ସୁଦୃଢ଼ କରାଯିବ।

ଖରିଫ ଋତୁରେ କୃଷକମାନଙ୍କୁ ଠିକ ସମୟରେ ଉନ୍ନତ ମାନର ବିହନ ଓ ସାର ଯୋଗାଇ ଦେବା ପାଇଁ ଜିଲ୍ଲାପାଳ ନିର୍ଦ୍ଦେଶ ଦେଇଛନ୍ତି। ସମବାୟ ସମିତି ଜରିଆରେ ବଣ୍ଟନ ବ୍ୟବସ୍ଥା ସୁଦୃଢ଼ କରାଯିବ।

ଖରିଫ ଋତୁରେ କୃଷକମାନଙ୍କୁ ଠିକ ସମୟରେ ଉନ୍ନତ ମାନର ବିହନ ଓ ସାର ଯୋଗାଇ ଦେବା ପାଇଁ ଜିଲ୍ଲାପାଳ ନିର୍ଦ୍ଦେଶ ଦେଇଛନ୍ତି। ସମବାୟ ସମିତି ଜରିଆରେ ବଣ୍ଟନ ବ୍ୟବସ୍ଥା ସୁଦୃଢ଼ କରାଯିବ।
